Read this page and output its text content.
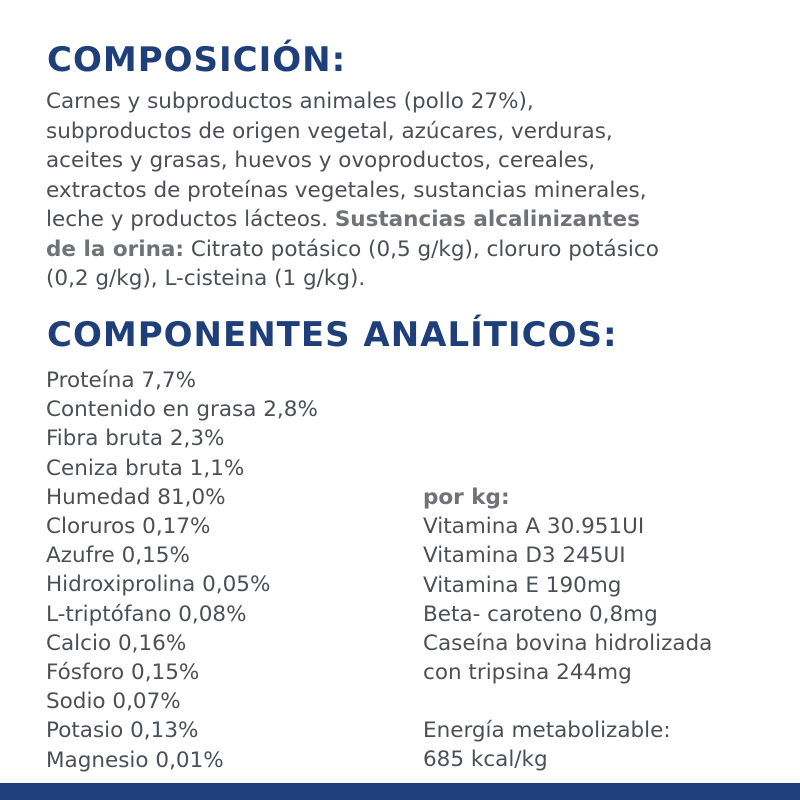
COMPOSICIÓN:
Carnes y subproductos animales (pollo 27%),
subproductos de origen vegetal, azúcares, verduras,
aceites y grasas, huevos y ovoproductos, cereales,
extractos de proteínas vegetales, sustancias minerales,
leche y productos lácteos. Sustancias alcalinizantes
de la orina: Citrato potásico (0,5 g/kg), cloruro potásico
(0,2 g/kg), L-cisteina (1 g/kg).
COMPONENTES ANALÍTICOS:
Proteína 7,7%
Contenido en grasa 2,8%
Fibra bruta 2,3%
Ceniza bruta 1,1%
Humedad 81,0%
Cloruros 0,17%
Azufre 0,15%
Hidroxiprolina 0,05%
L-triptófano 0,08%
Calcio 0,16%
Fósforo 0,15%
Sodio 0,07%
Potasio 0,13%
Magnesio 0,01%
por kg:
Vitamina A 30.951UI
Vitamina D3 245UI
Vitamina E 190mg
Beta- caroteno 0,8mg
Caseína bovina hidrolizada
con tripsina 244mg
Energía metabolizable:
685 kcal/kg
